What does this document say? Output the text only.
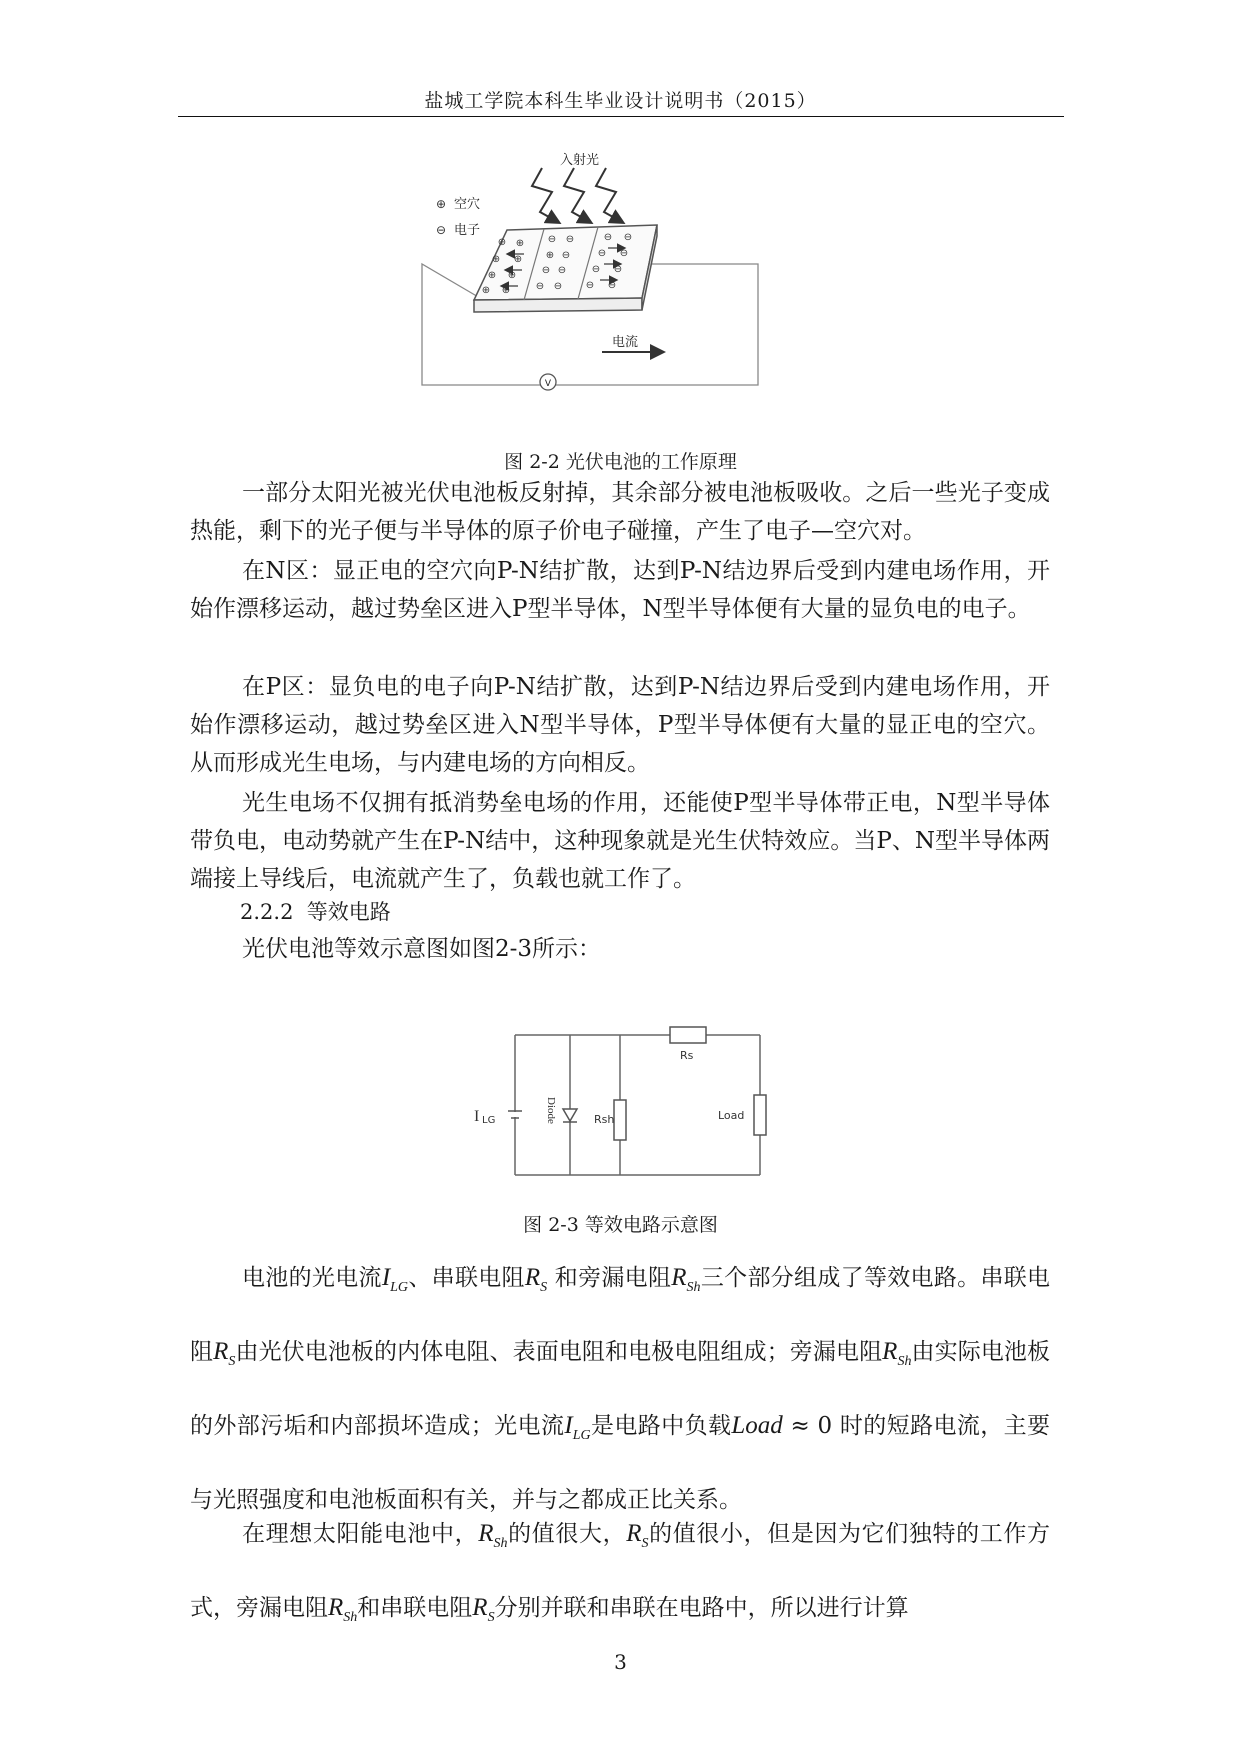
盐城工学院本科生毕业设计说明书（2015）
入射光
⊕ 空穴
⊖ 电子
⊕ ⊕
⊕ ⊕
⊕ ⊕
⊕ ⊕
⊖ ⊖
⊕ ⊖
⊖ ⊖
⊖ ⊖
⊖ ⊖
⊖ ⊖
⊖ ⊖
⊖ ⊖
电流
V
图 2-2 光伏电池的工作原理
一部分太阳光被光伏电池板反射掉，其余部分被电池板吸收。之后一些光子变成热能，剩下的光子便与半导体的原子价电子碰撞，产生了电子—空穴对。
在N区：显正电的空穴向P-N结扩散，达到P-N结边界后受到内建电场作用，开始作漂移运动，越过势垒区进入P型半导体，N型半导体便有大量的显负电的电子。
在P区：显负电的电子向P-N结扩散，达到P-N结边界后受到内建电场作用，开始作漂移运动，越过势垒区进入N型半导体，P型半导体便有大量的显正电的空穴。从而形成光生电场，与内建电场的方向相反。
光生电场不仅拥有抵消势垒电场的作用，还能使P型半导体带正电，N型半导体带负电，电动势就产生在P-N结中，这种现象就是光生伏特效应。当P、N型半导体两端接上导线后，电流就产生了，负载也就工作了。
2.2.2 等效电路
光伏电池等效示意图如图2-3所示：
I LG	Diode	Rsh
Rs
Load
图 2-3 等效电路示意图
电池的光电流$I_{LG}$、串联电阻$R_S$ 和旁漏电阻$R_{Sh}$三个部分组成了等效电路。串联电阻$R_S$由光伏电池板的内体电阻、表面电阻和电极电阻组成；旁漏电阻$R_{Sh}$由实际电池板的外部污垢和内部损坏造成；光电流$I_{LG}$是电路中负载Load ≈ 0 时的短路电流，主要与光照强度和电池板面积有关，并与之都成正比关系。
在理想太阳能电池中，$R_{Sh}$的值很大，$R_S$的值很小，但是因为它们独特的工作方式，旁漏电阻$R_{Sh}$和串联电阻$R_S$分别并联和串联在电路中，所以进行计算
3
